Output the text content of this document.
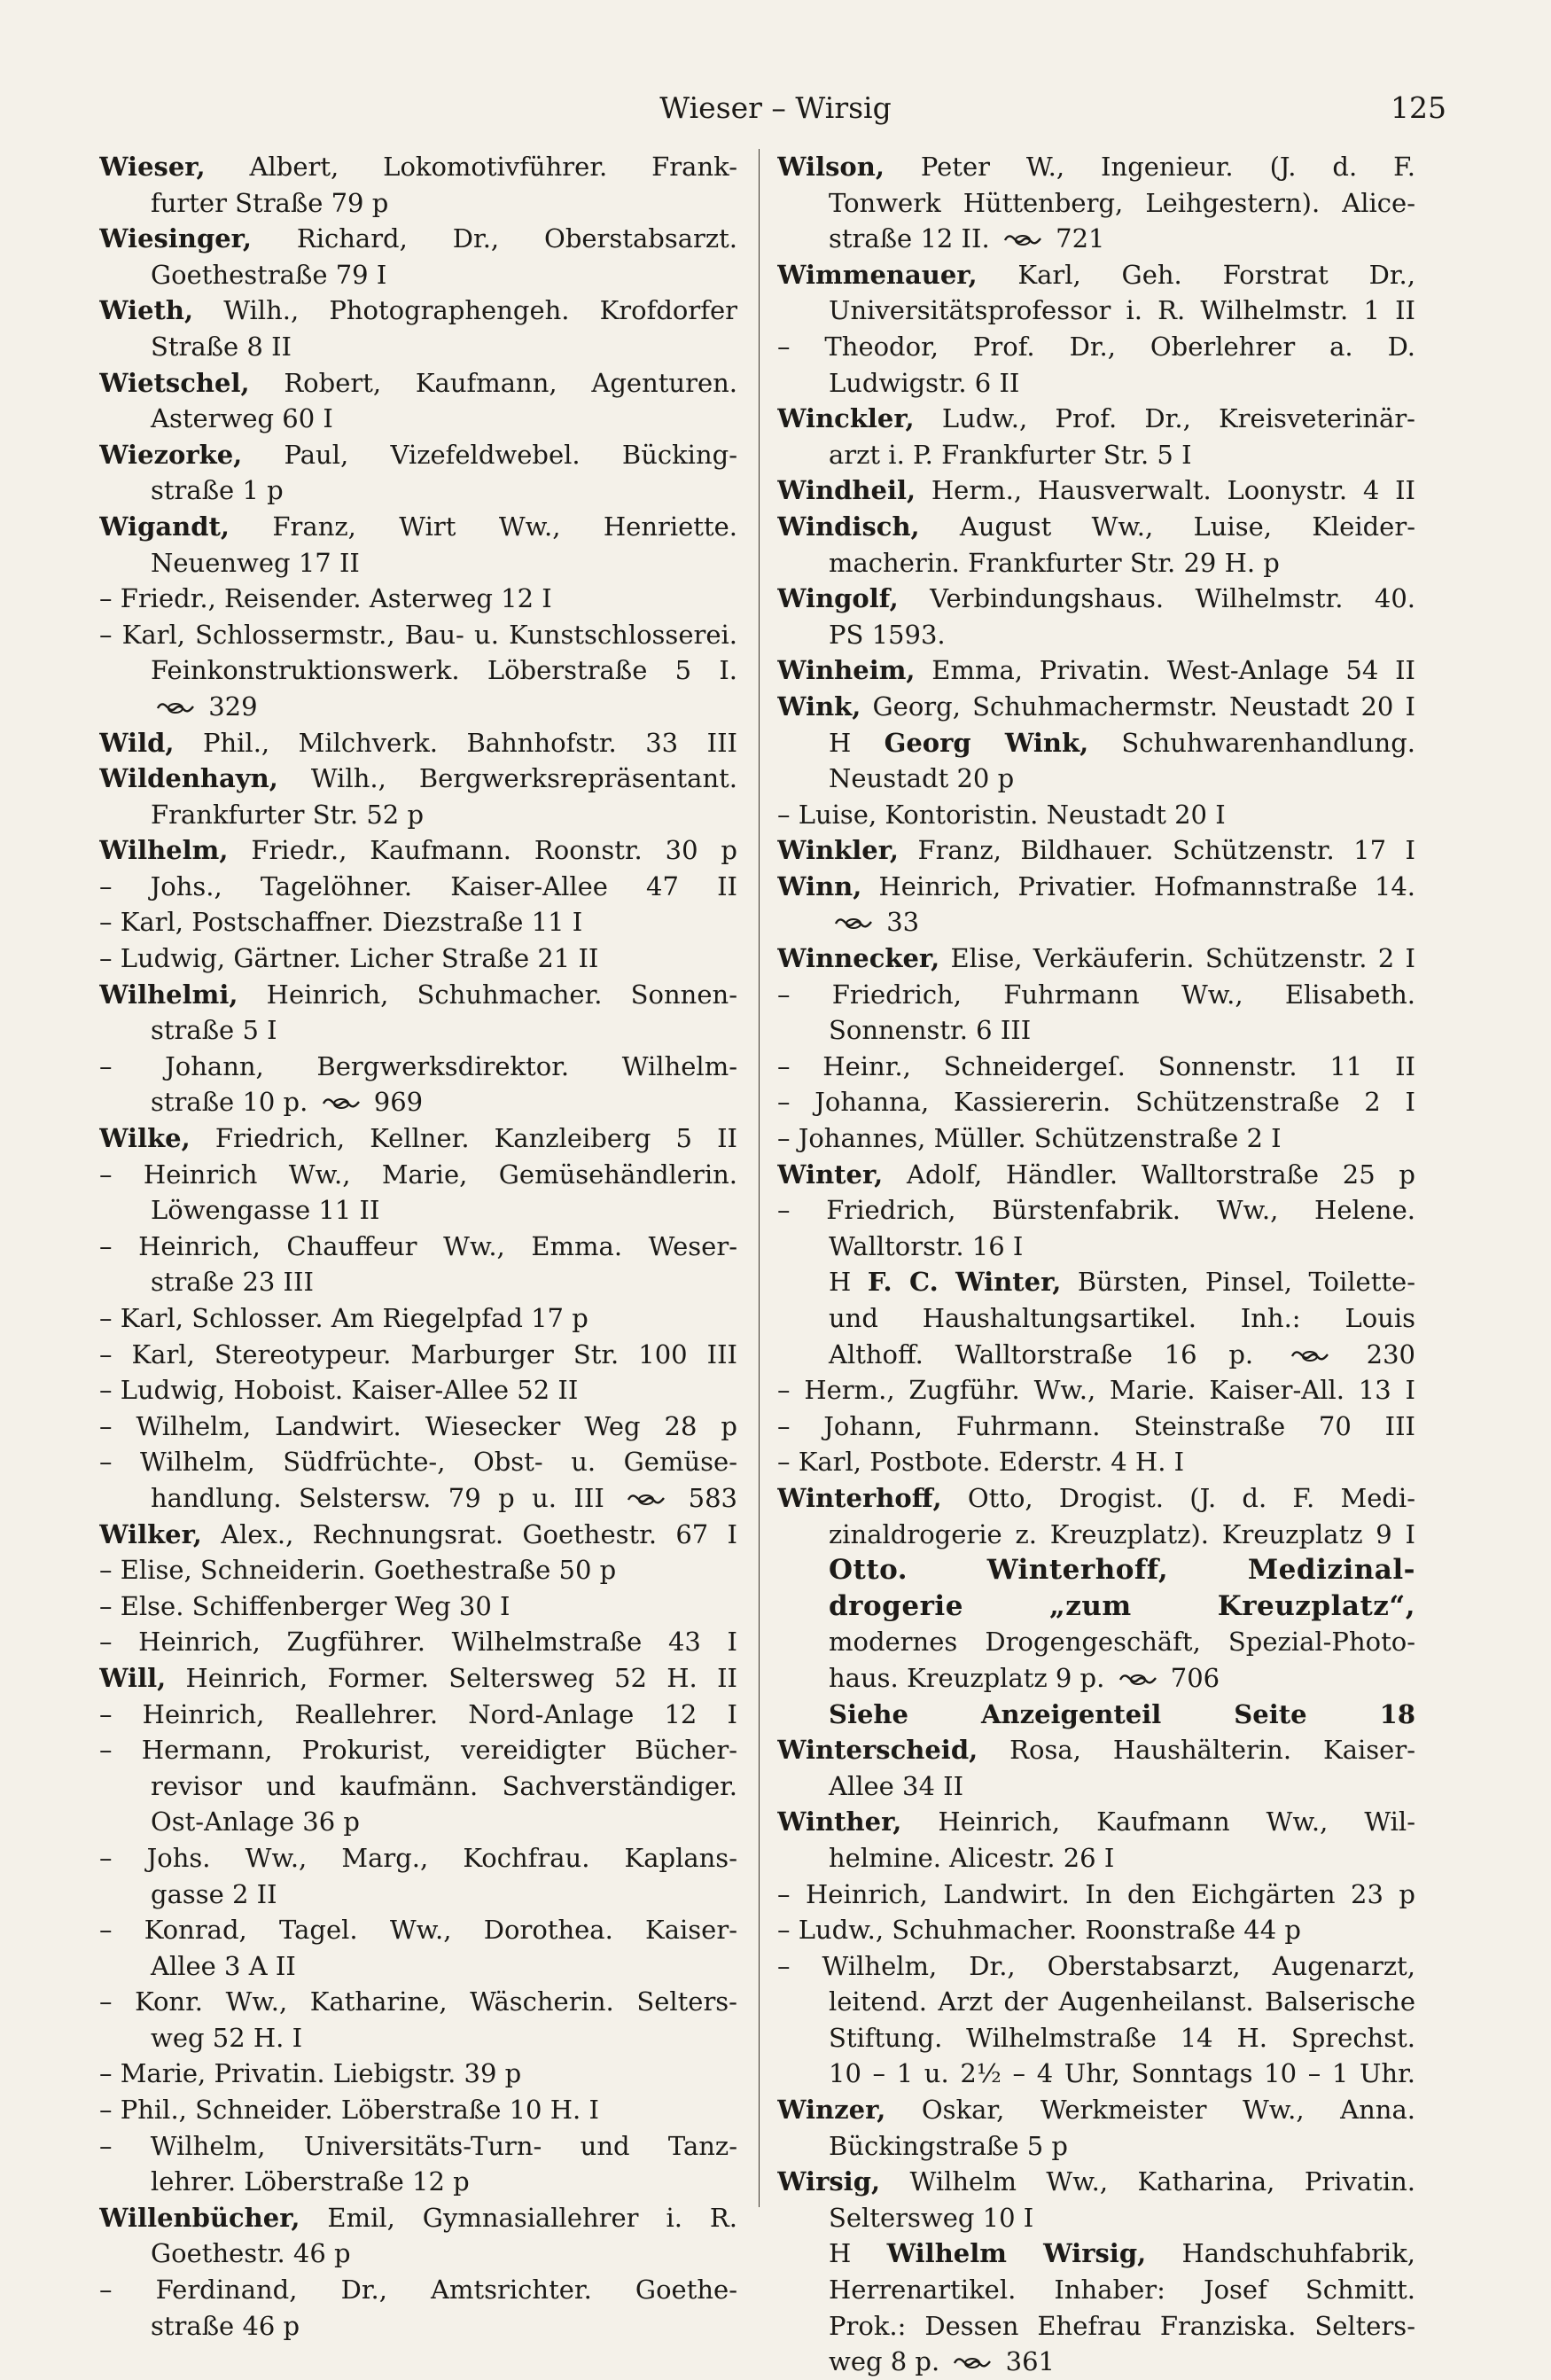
Wieser – Wirsig	125
Wieser, Albert, Lokomotivführer. Frank-
furter Straße 79 p
Wiesinger, Richard, Dr., Oberstabsarzt.
Goethestraße 79 I
Wieth, Wilh., Photographengeh. Krofdorfer
Straße 8 II
Wietschel, Robert, Kaufmann, Agenturen.
Asterweg 60 I
Wiezorke, Paul, Vizefeldwebel. Bücking-
straße 1 p
Wigandt, Franz, Wirt Ww., Henriette.
Neuenweg 17 II
– Friedr., Reisender. Asterweg 12 I
– Karl, Schlossermstr., Bau- u. Kunstschlosserei.
Feinkonstruktionswerk. Löberstraße 5 I.
329
Wild, Phil., Milchverk. Bahnhofstr. 33 III
Wildenhayn, Wilh., Bergwerksrepräsentant.
Frankfurter Str. 52 p
Wilhelm, Friedr., Kaufmann. Roonstr. 30 p
– Johs., Tagelöhner. Kaiser-Allee 47 II
– Karl, Postschaffner. Diezstraße 11 I
– Ludwig, Gärtner. Licher Straße 21 II
Wilhelmi, Heinrich, Schuhmacher. Sonnen-
straße 5 I
– Johann, Bergwerksdirektor. Wilhelm-
straße 10 p.  969
Wilke, Friedrich, Kellner. Kanzleiberg 5 II
– Heinrich Ww., Marie, Gemüsehändlerin.
Löwengasse 11 II
– Heinrich, Chauffeur Ww., Emma. Weser-
straße 23 III
– Karl, Schlosser. Am Riegelpfad 17 p
– Karl, Stereotypeur. Marburger Str. 100 III
– Ludwig, Hoboist. Kaiser-Allee 52 II
– Wilhelm, Landwirt. Wiesecker Weg 28 p
– Wilhelm, Südfrüchte-, Obst- u. Gemüse-
handlung. Selstersw. 79 p u. III  583
Wilker, Alex., Rechnungsrat. Goethestr. 67 I
– Elise, Schneiderin. Goethestraße 50 p
– Else. Schiffenberger Weg 30 I
– Heinrich, Zugführer. Wilhelmstraße 43 I
Will, Heinrich, Former. Seltersweg 52 H. II
– Heinrich, Reallehrer. Nord-Anlage 12 I
– Hermann, Prokurist, vereidigter Bücher-
revisor und kaufmänn. Sachverständiger.
Ost-Anlage 36 p
– Johs. Ww., Marg., Kochfrau. Kaplans-
gasse 2 II
– Konrad, Tagel. Ww., Dorothea. Kaiser-
Allee 3 A II
– Konr. Ww., Katharine, Wäscherin. Selters-
weg 52 H. I
– Marie, Privatin. Liebigstr. 39 p
– Phil., Schneider. Löberstraße 10 H. I
– Wilhelm, Universitäts-Turn- und Tanz-
lehrer. Löberstraße 12 p
Willenbücher, Emil, Gymnasiallehrer i. R.
Goethestr. 46 p
– Ferdinand, Dr., Amtsrichter. Goethe-
straße 46 p
Wilson, Peter W., Ingenieur. (J. d. F.
Tonwerk Hüttenberg, Leihgestern). Alice-
straße 12 II.  721
Wimmenauer, Karl, Geh. Forstrat Dr.,
Universitätsprofessor i. R. Wilhelmstr. 1 II
– Theodor, Prof. Dr., Oberlehrer a. D.
Ludwigstr. 6 II
Winckler, Ludw., Prof. Dr., Kreisveterinär-
arzt i. P. Frankfurter Str. 5 I
Windheil, Herm., Hausverwalt. Loonystr. 4 II
Windisch, August Ww., Luise, Kleider-
macherin. Frankfurter Str. 29 H. p
Wingolf, Verbindungshaus. Wilhelmstr. 40.
PS 1593.
Winheim, Emma, Privatin. West-Anlage 54 II
Wink, Georg, Schuhmachermstr. Neustadt 20 I
H Georg Wink, Schuhwarenhandlung.
Neustadt 20 p
– Luise, Kontoristin. Neustadt 20 I
Winkler, Franz, Bildhauer. Schützenstr. 17 I
Winn, Heinrich, Privatier. Hofmannstraße 14.
33
Winnecker, Elise, Verkäuferin. Schützenstr. 2 I
– Friedrich, Fuhrmann Ww., Elisabeth.
Sonnenstr. 6 III
– Heinr., Schneidergeſ. Sonnenstr. 11 II
– Johanna, Kassiererin. Schützenstraße 2 I
– Johannes, Müller. Schützenstraße 2 I
Winter, Adolf, Händler. Walltorstraße 25 p
– Friedrich, Bürstenfabrik. Ww., Helene.
Walltorstr. 16 I
H F. C. Winter, Bürsten, Pinsel, Toilette-
und Haushaltungsartikel. Inh.: Louis
Althoff. Walltorstraße 16 p.  230
– Herm., Zugführ. Ww., Marie. Kaiser-All. 13 I
– Johann, Fuhrmann. Steinstraße 70 III
– Karl, Postbote. Ederstr. 4 H. I
Winterhoff, Otto, Drogist. (J. d. F. Medi-
zinaldrogerie z. Kreuzplatz). Kreuzplatz 9 I
Otto. Winterhoff, Medizinal-
drogerie „zum Kreuzplatz“,
modernes Drogengeschäft, Spezial-Photo-
haus. Kreuzplatz 9 p.  706
Siehe Anzeigenteil Seite 18
Winterscheid, Rosa, Haushälterin. Kaiser-
Allee 34 II
Winther, Heinrich, Kaufmann Ww., Wil-
helmine. Alicestr. 26 I
– Heinrich, Landwirt. In den Eichgärten 23 p
– Ludw., Schuhmacher. Roonstraße 44 p
– Wilhelm, Dr., Oberstabsarzt, Augenarzt,
leitend. Arzt der Augenheilanst. Balserische
Stiftung. Wilhelmstraße 14 H. Sprechst.
10 – 1 u. 2½ – 4 Uhr, Sonntags 10 – 1 Uhr.
Winzer, Oskar, Werkmeister Ww., Anna.
Bückingstraße 5 p
Wirsig, Wilhelm Ww., Katharina, Privatin.
Seltersweg 10 I
H Wilhelm Wirsig, Handschuhfabrik,
Herrenartikel. Inhaber: Josef Schmitt.
Prok.: Dessen Ehefrau Franziska. Selters-
weg 8 p.  361
